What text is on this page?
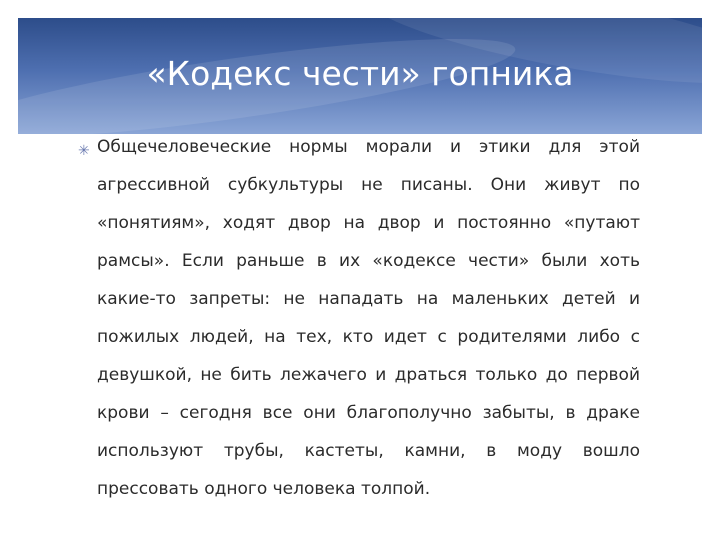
«Кодекс чести» гопника
✳ Общечеловеческие нормы морали и этики для этой агрессивной субкультуры не писаны. Они живут по «понятиям», ходят двор на двор и постоянно «путают рамсы». Если раньше в их «кодексе чести» были хоть какие-то запреты: не нападать на маленьких детей и пожилых людей, на тех, кто идет с родителями либо с девушкой, не бить лежачего и драться только до первой крови – сегодня все они благополучно забыты, в драке используют трубы, кастеты, камни, в моду вошло прессовать одного человека толпой.
